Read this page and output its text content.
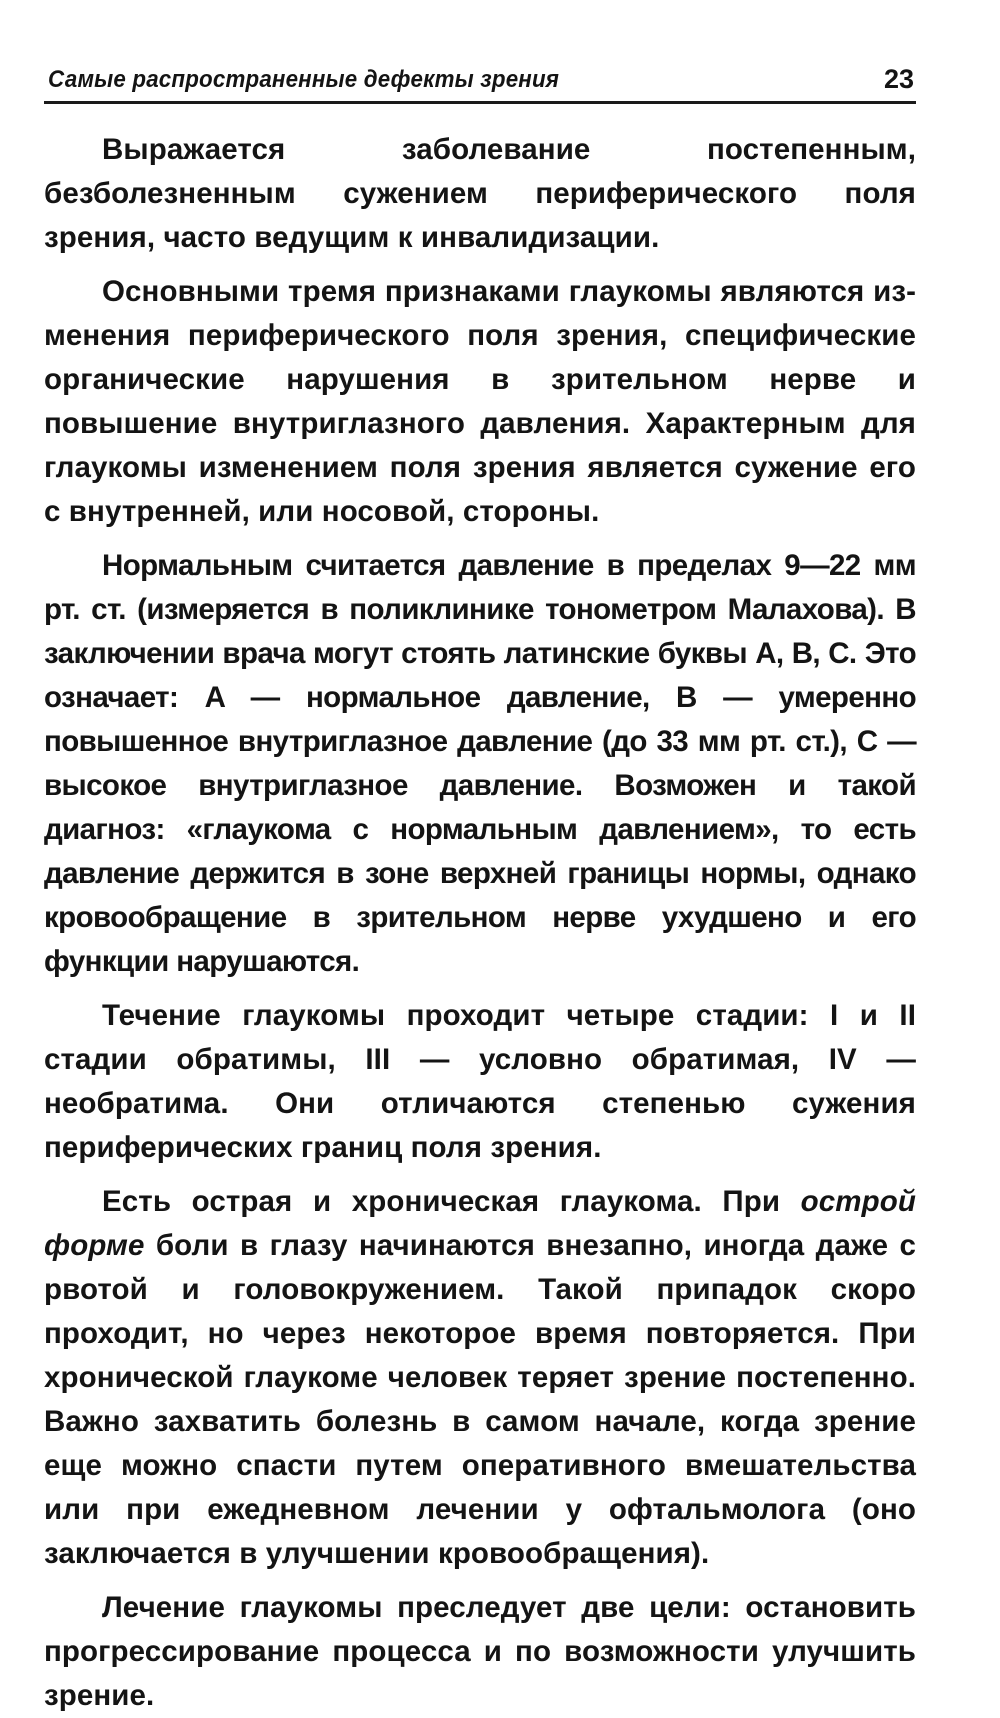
Самые распространенные дефекты зрения	23

Выражается заболевание постепенным, безболезненным сужением периферического поля зрения, часто ведущим к инвалидизации.

Основными тремя признаками глаукомы являются изменения периферического поля зрения, специфические органические нарушения в зрительном нерве и повышение внутриглазного давления. Характерным для глаукомы изменением поля зрения является сужение его с внутренней, или носовой, стороны.

Нормальным считается давление в пределах 9—22 мм рт. ст. (измеряется в поликлинике тонометром Малахова). В заключении врача могут стоять латинские буквы A, B, C. Это означает: A — нормальное давление, B — умеренно повышенное внутриглазное давление (до 33 мм рт. ст.), C — высокое внутриглазное давление. Возможен и такой диагноз: «глаукома с нормальным давлением», то есть давление держится в зоне верхней границы нормы, однако кровообращение в зрительном нерве ухудшено и его функции нарушаются.

Течение глаукомы проходит четыре стадии: I и II стадии обратимы, III — условно обратимая, IV — необратима. Они отличаются степенью сужения периферических границ поля зрения.

Есть острая и хроническая глаукома. При острой форме боли в глазу начинаются внезапно, иногда даже с рвотой и головокружением. Такой припадок скоро проходит, но через некоторое время повторяется. При хронической глаукоме человек теряет зрение постепенно. Важно захватить болезнь в самом начале, когда зрение еще можно спасти путем оперативного вмешательства или при ежедневном лечении у офтальмолога (оно заключается в улучшении кровообращения).

Лечение глаукомы преследует две цели: остановить прогрессирование процесса и по возможности улучшить зрение.
